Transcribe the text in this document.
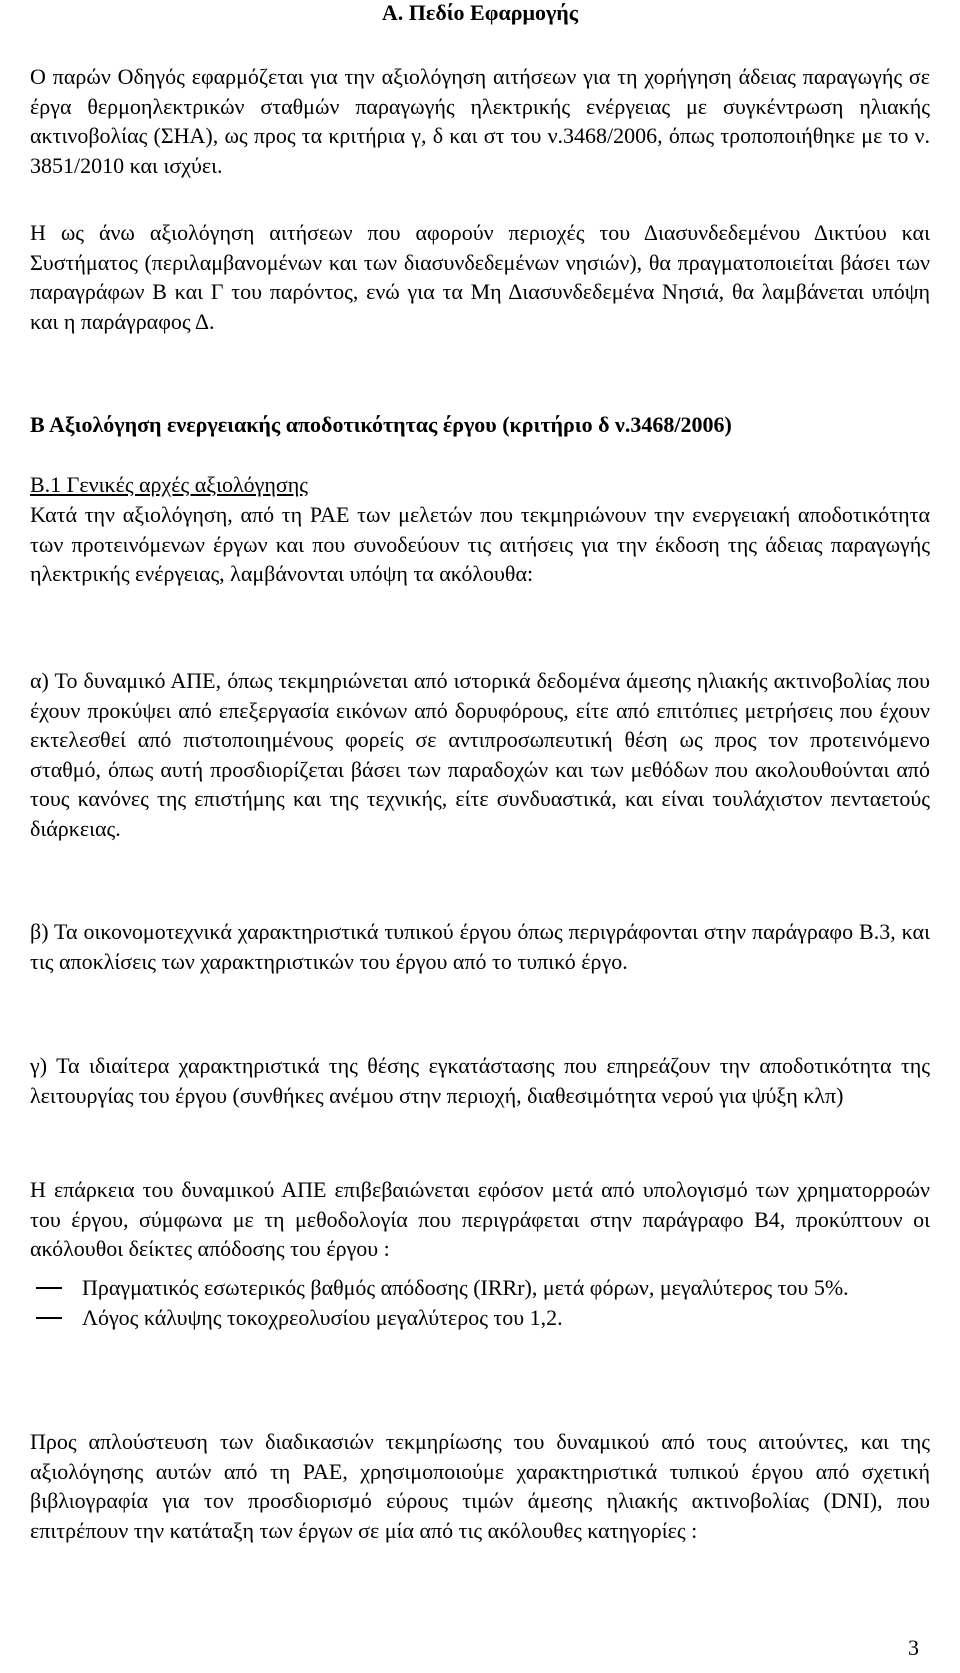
Α. Πεδίο Εφαρμογής

Ο παρών Οδηγός εφαρμόζεται για την αξιολόγηση αιτήσεων για τη χορήγηση άδειας παραγωγής σε έργα θερμοηλεκτρικών σταθμών παραγωγής ηλεκτρικής ενέργειας με συγκέντρωση ηλιακής ακτινοβολίας (ΣΗΑ), ως προς τα κριτήρια γ, δ και στ του ν.3468/2006, όπως τροποποιήθηκε με το ν. 3851/2010 και ισχύει.

Η ως άνω αξιολόγηση αιτήσεων που αφορούν περιοχές του Διασυνδεδεμένου Δικτύου και Συστήματος (περιλαμβανομένων και των διασυνδεδεμένων νησιών), θα πραγματοποιείται βάσει των παραγράφων Β και Γ του παρόντος, ενώ για τα Μη Διασυνδεδεμένα Νησιά, θα λαμβάνεται υπόψη και η παράγραφος Δ.

Β Αξιολόγηση ενεργειακής αποδοτικότητας έργου (κριτήριο δ ν.3468/2006)
Β.1 Γενικές αρχές αξιολόγησης

Κατά την αξιολόγηση, από τη ΡΑΕ των μελετών που τεκμηριώνουν την ενεργειακή αποδοτικότητα των προτεινόμενων έργων και που συνοδεύουν τις αιτήσεις για την έκδοση της άδειας παραγωγής ηλεκτρικής ενέργειας, λαμβάνονται υπόψη τα ακόλουθα:

α) Το δυναμικό ΑΠΕ, όπως τεκμηριώνεται από ιστορικά δεδομένα άμεσης ηλιακής ακτινοβολίας που έχουν προκύψει από επεξεργασία εικόνων από δορυφόρους, είτε από επιτόπιες μετρήσεις που έχουν εκτελεσθεί από πιστοποιημένους φορείς σε αντιπροσωπευτική θέση ως προς τον προτεινόμενο σταθμό, όπως αυτή προσδιορίζεται βάσει των παραδοχών και των μεθόδων που ακολουθούνται από τους κανόνες της επιστήμης και της τεχνικής, είτε συνδυαστικά, και είναι τουλάχιστον πενταετούς διάρκειας.

β) Τα οικονομοτεχνικά χαρακτηριστικά τυπικού έργου όπως περιγράφονται στην παράγραφο Β.3, και τις αποκλίσεις των χαρακτηριστικών του έργου από το τυπικό έργο.

γ) Τα ιδιαίτερα χαρακτηριστικά της θέσης εγκατάστασης που επηρεάζουν την αποδοτικότητα της λειτουργίας του έργου (συνθήκες ανέμου στην περιοχή, διαθεσιμότητα νερού για ψύξη κλπ)

Η επάρκεια του δυναμικού ΑΠΕ επιβεβαιώνεται εφόσον μετά από υπολογισμό των χρηματορροών του έργου, σύμφωνα με τη μεθοδολογία που περιγράφεται στην παράγραφο Β4, προκύπτουν οι ακόλουθοι δείκτες απόδοσης του έργου :

Πραγματικός εσωτερικός βαθμός απόδοσης (IRRr), μετά φόρων, μεγαλύτερος του 5%.
Λόγος κάλυψης τοκοχρεολυσίου μεγαλύτερος του 1,2.

Προς απλούστευση των διαδικασιών τεκμηρίωσης του δυναμικού από τους αιτούντες, και της αξιολόγησης αυτών από τη ΡΑΕ, χρησιμοποιούμε χαρακτηριστικά τυπικού έργου από σχετική βιβλιογραφία για τον προσδιορισμό εύρους τιμών άμεσης ηλιακής ακτινοβολίας (DNI), που επιτρέπουν την κατάταξη των έργων σε μία από τις ακόλουθες κατηγορίες :

3
